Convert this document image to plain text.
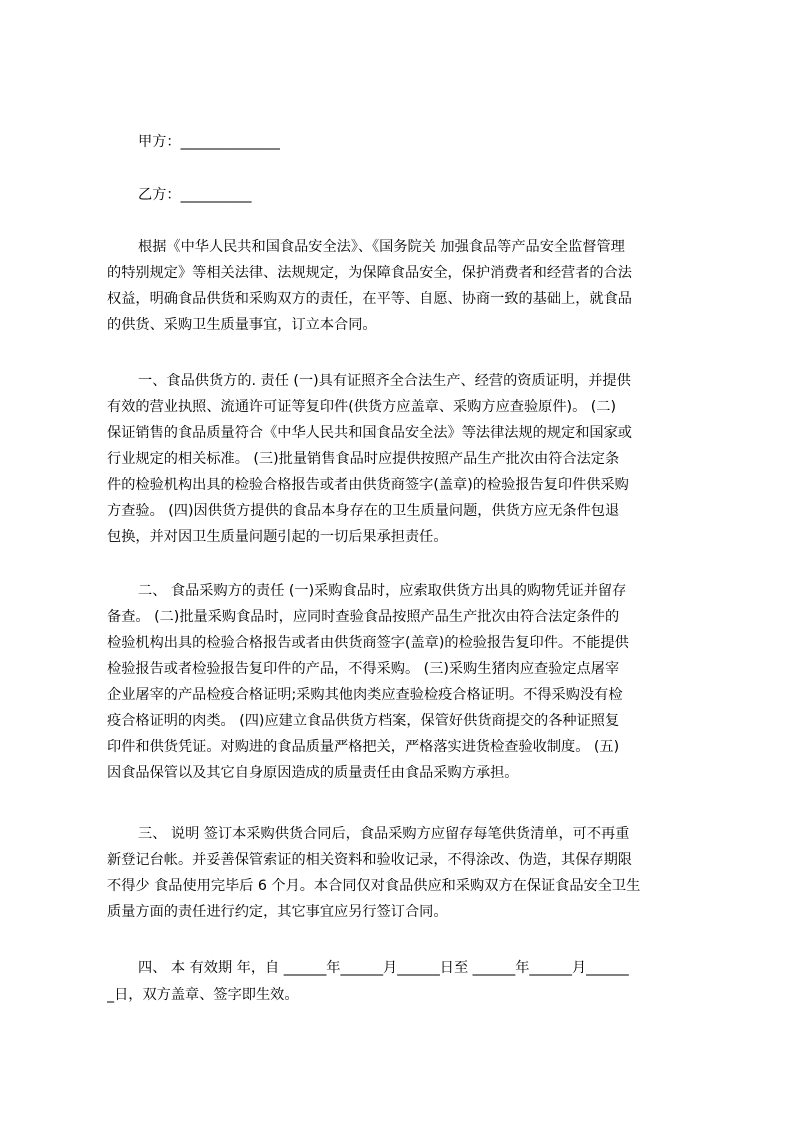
甲方：______________
乙方：__________
根据《中华人民共和国食品安全法》、《国务院关 加强食品等产品安全监督管理
的特别规定》等相关法律、法规规定，为保障食品安全，保护消费者和经营者的合法
权益，明确食品供货和采购双方的责任，在平等、自愿、协商一致的基础上，就食品
的供货、采购卫生质量事宜，订立本合同。
一、食品供货方的. 责任 (一)具有证照齐全合法生产、经营的资质证明，并提供
有效的营业执照、流通许可证等复印件(供货方应盖章、采购方应查验原件)。 (二)
保证销售的食品质量符合《中华人民共和国食品安全法》等法律法规的规定和国家或
行业规定的相关标准。 (三)批量销售食品时应提供按照产品生产批次由符合法定条
件的检验机构出具的检验合格报告或者由供货商签字(盖章)的检验报告复印件供采购
方查验。 (四)因供货方提供的食品本身存在的卫生质量问题，供货方应无条件包退
包换，并对因卫生质量问题引起的一切后果承担责任。
二、 食品采购方的责任 (一)采购食品时，应索取供货方出具的购物凭证并留存
备查。 (二)批量采购食品时，应同时查验食品按照产品生产批次由符合法定条件的
检验机构出具的检验合格报告或者由供货商签字(盖章)的检验报告复印件。不能提供
检验报告或者检验报告复印件的产品，不得采购。 (三)采购生猪肉应查验定点屠宰
企业屠宰的产品检疫合格证明;采购其他肉类应查验检疫合格证明。不得采购没有检
疫合格证明的肉类。 (四)应建立食品供货方档案，保管好供货商提交的各种证照复
印件和供货凭证。对购进的食品质量严格把关，严格落实进货检查验收制度。 (五)
因食品保管以及其它自身原因造成的质量责任由食品采购方承担。
三、 说明 签订本采购供货合同后，食品采购方应留存每笔供货清单，可不再重
新登记台帐。并妥善保管索证的相关资料和验收记录，不得涂改、伪造，其保存期限
不得少 食品使用完毕后 6 个月。本合同仅对食品供应和采购双方在保证食品安全卫生
质量方面的责任进行约定，其它事宜应另行签订合同。
四、 本 有效期 年，自 ______年______月______日至 ______年______月______
_日，双方盖章、签字即生效。
